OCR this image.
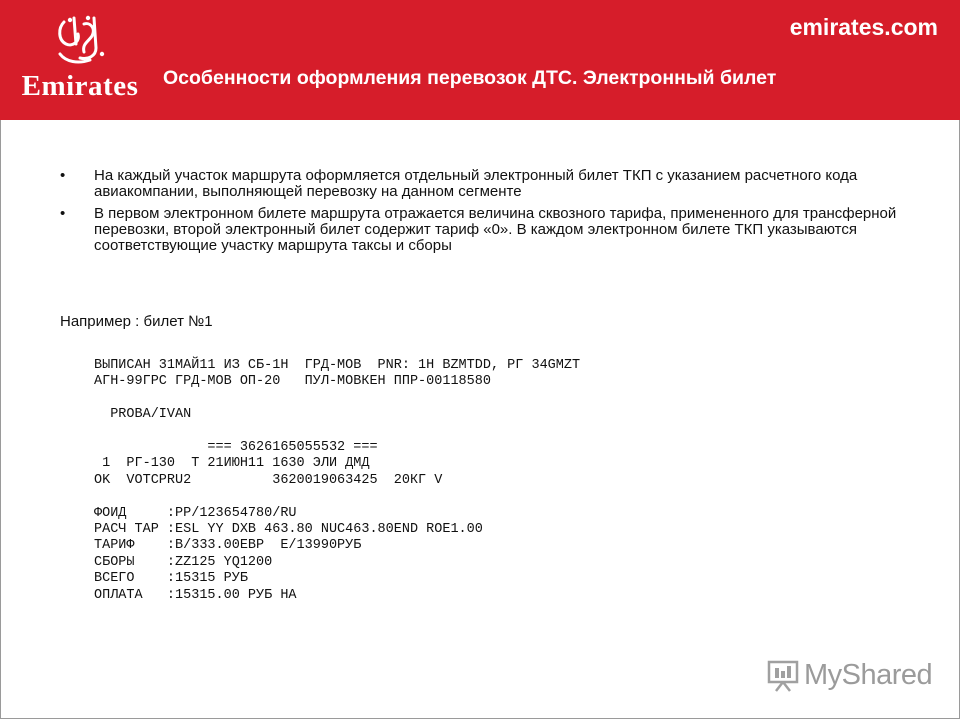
Emirates
emirates.com
Особенности оформления перевозок ДТС. Электронный билет
• На каждый участок маршрута оформляется отдельный электронный билет ТКП с указанием расчетного кода авиакомпании, выполняющей перевозку на данном сегменте
• В первом электронном билете маршрута отражается величина сквозного тарифа, примененного для трансферной перевозки, второй электронный билет содержит тариф «0». В каждом электронном билете ТКП указываются соответствующие участку маршрута таксы и сборы
Например : билет №1
ВЫПИСАН 31МАЙ11 ИЗ СБ-1Н  ГРД-МОВ  PNR: 1H BZMTDD, РГ 34GMZT
АГН-99ГРС ГРД-МОВ ОП-20   ПУЛ-МОВКЕН ППР-00118580

PROBA/IVAN

=== 3626165055532 ===
1  РГ-130  Т 21ИЮН11 1630 ЭЛИ ДМД
OK  VOTCPRU2          3620019063425  20КГ V

ФОИД     :PP/123654780/RU
РАСЧ ТАР :ESL YY DXB 463.80 NUC463.80END ROE1.00
ТАРИФ    :B/333.00ЕВР  Е/13990РУБ
СБОРЫ    :ZZ125 YQ1200
ВСЕГО    :15315 РУБ
ОПЛАТА   :15315.00 РУБ НА
MyShared
